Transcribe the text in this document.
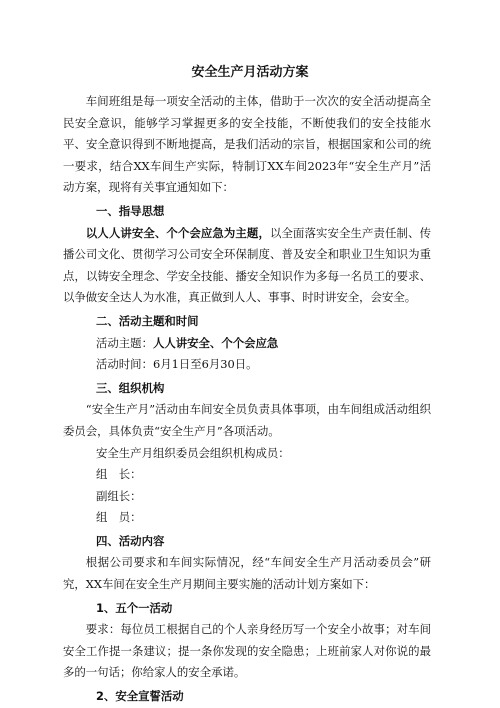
安全生产月活动方案

车间班组是每一项安全活动的主体，借助于一次次的安全活动提高全民安全意识，能够学习掌握更多的安全技能，不断使我们的安全技能水平、安全意识得到不断地提高，是我们活动的宗旨，根据国家和公司的统一要求，结合XX车间生产实际，特制订XX车间2023年“安全生产月”活动方案，现将有关事宜通知如下：

一、指导思想

以人人讲安全、个个会应急为主题，以全面落实安全生产责任制、传播公司文化、贯彻学习公司安全环保制度、普及安全和职业卫生知识为重点，以铸安全理念、学安全技能、播安全知识作为多每一名员工的要求、以争做安全达人为水准，真正做到人人、事事、时时讲安全，会安全。

二、活动主题和时间

活动主题：人人讲安全、个个会应急

活动时间：6月1日至6月30日。

三、组织机构

“安全生产月”活动由车间安全员负责具体事项，由车间组成活动组织委员会，具体负责“安全生产月”各项活动。

安全生产月组织委员会组织机构成员：

组　长：

副组长：

组　员：

四、活动内容

根据公司要求和车间实际情况，经“车间安全生产月活动委员会”研究，XX车间在安全生产月期间主要实施的活动计划方案如下：

1、五个一活动

要求：每位员工根据自己的个人亲身经历写一个安全小故事；对车间安全工作提一条建议；提一条你发现的安全隐患；上班前家人对你说的最多的一句话；你给家人的安全承诺。

2、安全宣誓活动
